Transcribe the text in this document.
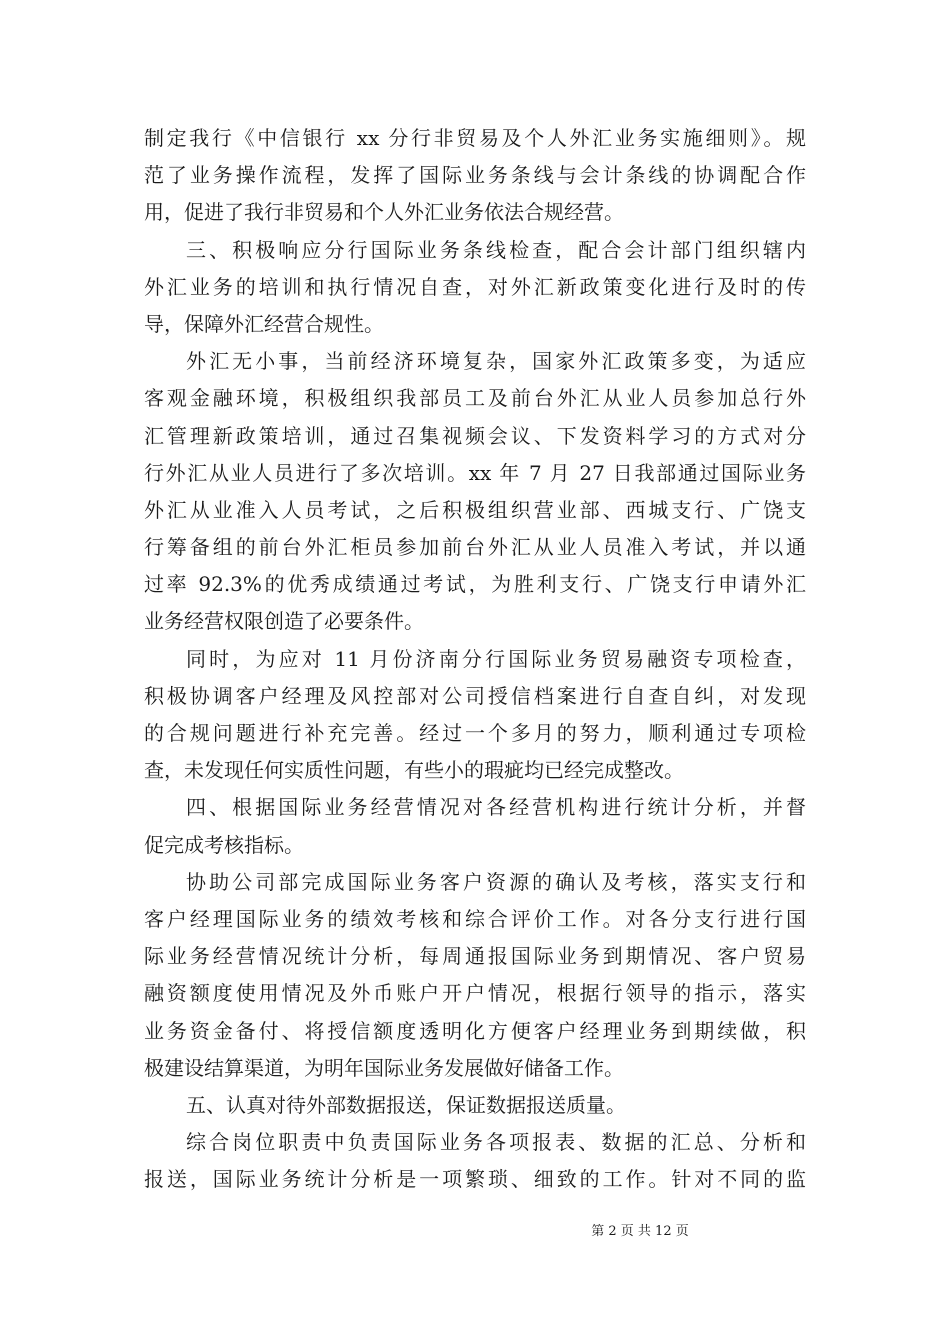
制定我行《中信银行 xx 分行非贸易及个人外汇业务实施细则》。规
范了业务操作流程，发挥了国际业务条线与会计条线的协调配合作
用，促进了我行非贸易和个人外汇业务依法合规经营。
三、积极响应分行国际业务条线检查，配合会计部门组织辖内
外汇业务的培训和执行情况自查，对外汇新政策变化进行及时的传
导，保障外汇经营合规性。
外汇无小事，当前经济环境复杂，国家外汇政策多变，为适应
客观金融环境，积极组织我部员工及前台外汇从业人员参加总行外
汇管理新政策培训，通过召集视频会议、下发资料学习的方式对分
行外汇从业人员进行了多次培训。xx 年 7 月 27 日我部通过国际业务
外汇从业准入人员考试，之后积极组织营业部、西城支行、广饶支
行筹备组的前台外汇柜员参加前台外汇从业人员准入考试，并以通
过率 92.3%的优秀成绩通过考试，为胜利支行、广饶支行申请外汇
业务经营权限创造了必要条件。
同时，为应对 11 月份济南分行国际业务贸易融资专项检查，
积极协调客户经理及风控部对公司授信档案进行自查自纠，对发现
的合规问题进行补充完善。经过一个多月的努力，顺利通过专项检
查，未发现任何实质性问题，有些小的瑕疵均已经完成整改。
四、根据国际业务经营情况对各经营机构进行统计分析，并督
促完成考核指标。
协助公司部完成国际业务客户资源的确认及考核，落实支行和
客户经理国际业务的绩效考核和综合评价工作。对各分支行进行国
际业务经营情况统计分析，每周通报国际业务到期情况、客户贸易
融资额度使用情况及外币账户开户情况，根据行领导的指示，落实
业务资金备付、将授信额度透明化方便客户经理业务到期续做，积
极建设结算渠道，为明年国际业务发展做好储备工作。
五、认真对待外部数据报送，保证数据报送质量。
综合岗位职责中负责国际业务各项报表、数据的汇总、分析和
报送，国际业务统计分析是一项繁琐、细致的工作。针对不同的监
第 2 页 共 12 页
